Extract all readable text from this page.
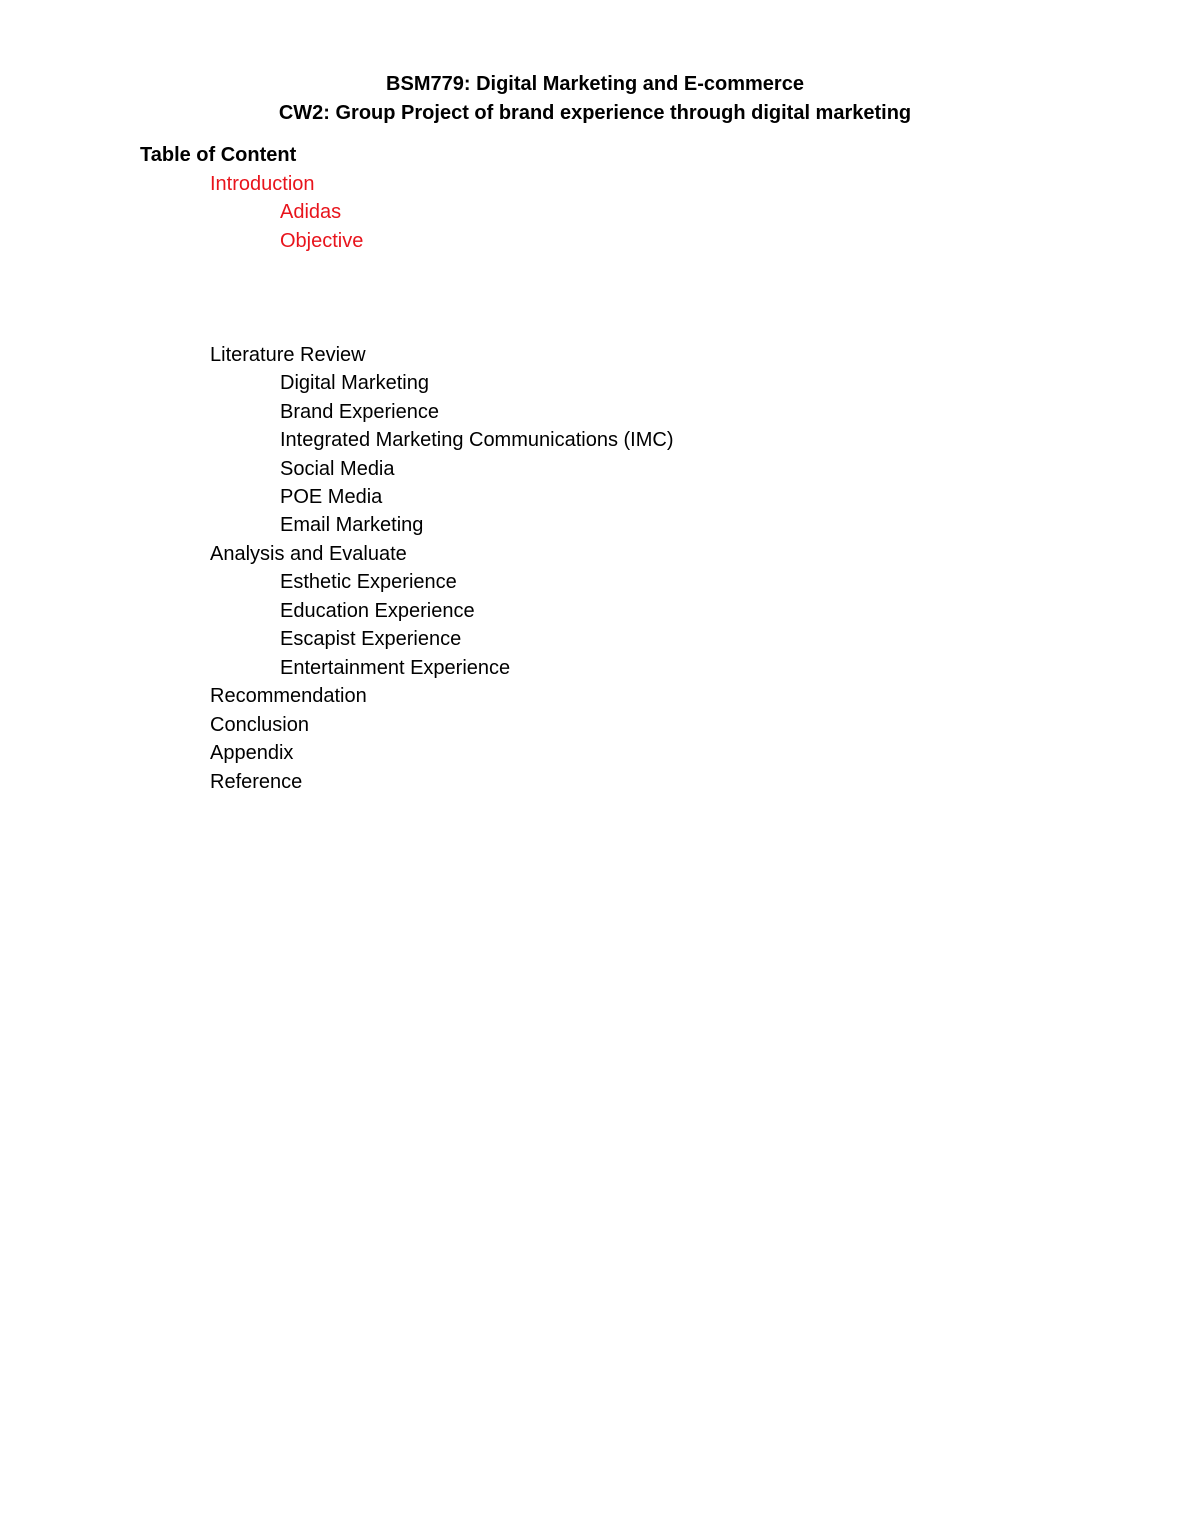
BSM779: Digital Marketing and E-commerce
CW2: Group Project of brand experience through digital marketing
Table of Content
Introduction
Adidas
Objective
Literature Review
Digital Marketing
Brand Experience
Integrated Marketing Communications (IMC)
Social Media
POE Media
Email Marketing
Analysis and Evaluate
Esthetic Experience
Education Experience
Escapist Experience
Entertainment Experience
Recommendation
Conclusion
Appendix
Reference
